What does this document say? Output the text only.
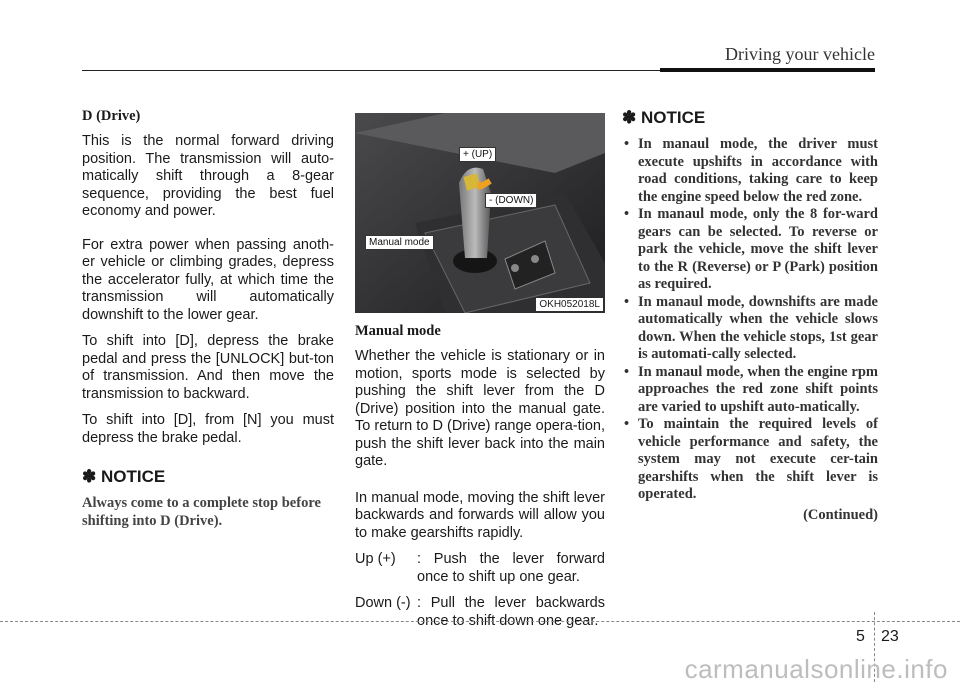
Driving your vehicle

D (Drive)

This is the normal forward driving position. The transmission will auto-matically shift through a 8-gear sequence, providing the best fuel economy and power.

For extra power when passing anoth-er vehicle or climbing grades, depress the accelerator fully, at which time the transmission will automatically downshift to the lower gear.

To shift into [D], depress the brake pedal and press the [UNLOCK] but-ton of transmission. And then move the transmission to backward.

To shift into [D], from [N] you must depress the brake pedal.

✽ NOTICE
Always come to a complete stop before shifting into D (Drive).
+ (UP)
- (DOWN)
Manual mode
OKH052018L

Manual mode

Whether the vehicle is stationary or in motion, sports mode is selected by pushing the shift lever from the D (Drive) position into the manual gate. To return to D (Drive) range opera-tion, push the shift lever back into the main gate.

In manual mode, moving the shift lever backwards and forwards will allow you to make gearshifts rapidly.

Up (+)	: Push the lever forward once to shift up one gear.
Down (-) : Pull the lever backwards once to shift down one gear.
✽ NOTICE
• In manaul mode, the driver must execute upshifts in accordance with road conditions, taking care to keep the engine speed below the red zone.
• In manaul mode, only the 8 for-ward gears can be selected. To reverse or park the vehicle, move the shift lever to the R (Reverse) or P (Park) position as required.
• In manaul mode, downshifts are made automatically when the vehicle slows down. When the vehicle stops, 1st gear is automati-cally selected.
• In manaul mode, when the engine rpm approaches the red zone shift points are varied to upshift auto-matically.
• To maintain the required levels of vehicle performance and safety, the system may not execute cer-tain gearshifts when the shift lever is operated.
(Continued)
5 23
carmanualsonline.info
